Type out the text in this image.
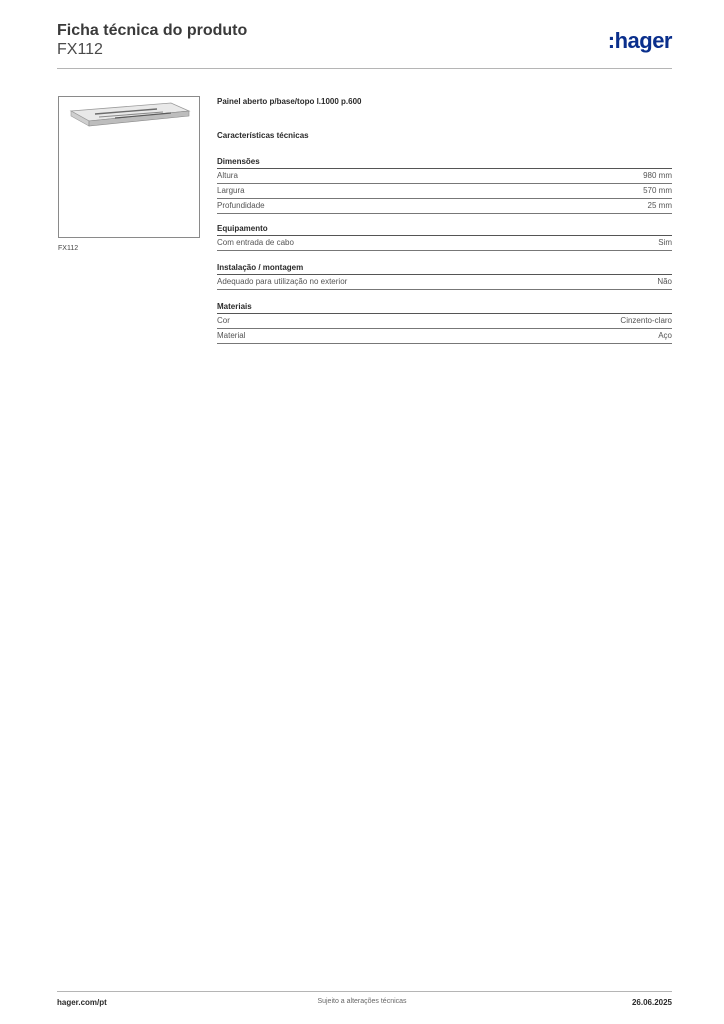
Ficha técnica do produto
FX112	:hager
FX112
Painel aberto p/base/topo l.1000 p.600
Características técnicas
Dimensões
Altura	980 mm
Largura	570 mm
Profundidade	25 mm
Equipamento
Com entrada de cabo	Sim
Instalação / montagem
Adequado para utilização no exterior	Não
Materiais
Cor	Cinzento-claro
Material	Aço
hager.com/pt	Sujeito a alterações técnicas	26.06.2025
